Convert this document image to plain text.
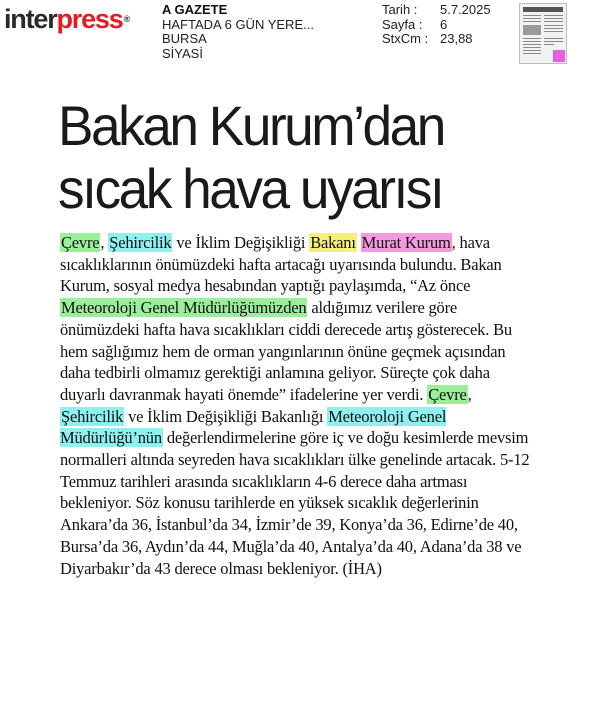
interpress®
A GAZETE
HAFTADA 6 GÜN YERE...
BURSA
SİYASİ
Tarih :	5.7.2025
Sayfa :	6
StxCm : 23,88
Bakan Kurum’dan
sıcak hava uyarısı
Çevre, Şehircilik ve İklim Değişikliği Bakanı Murat Kurum, hava sıcaklıklarının önümüzdeki hafta artacağı uyarısında bulundu. Bakan Kurum, sosyal medya hesabından yaptığı paylaşımda, “Az önce Meteoroloji Genel Müdürlüğümüzden aldığımız verilere göre önümüzdeki hafta hava sıcaklıkları ciddi derecede artış gösterecek. Bu hem sağlığımız hem de orman yangınlarının önüne geçmek açısından daha tedbirli olmamız gerektiği anlamına geliyor. Süreçte çok daha duyarlı davranmak hayati önemde” ifadelerine yer verdi. Çevre, Şehircilik ve İklim Değişikliği Bakanlığı Meteoroloji Genel Müdürlüğü’nün değerlendirmelerine göre iç ve doğu kesimlerde mevsim normalleri altında seyreden hava sıcaklıkları ülke genelinde artacak. 5-12 Temmuz tarihleri arasında sıcaklıkların 4-6 derece daha artması bekleniyor. Söz konusu tarihlerde en yüksek sıcaklık değerlerinin Ankara’da 36, İstanbul’da 34, İzmir’de 39, Konya’da 36, Edirne’de 40, Bursa’da 36, Aydın’da 44, Muğla’da 40, Antalya’da 40, Adana’da 38 ve Diyarbakır’da 43 derece olması bekleniyor. (İHA)
